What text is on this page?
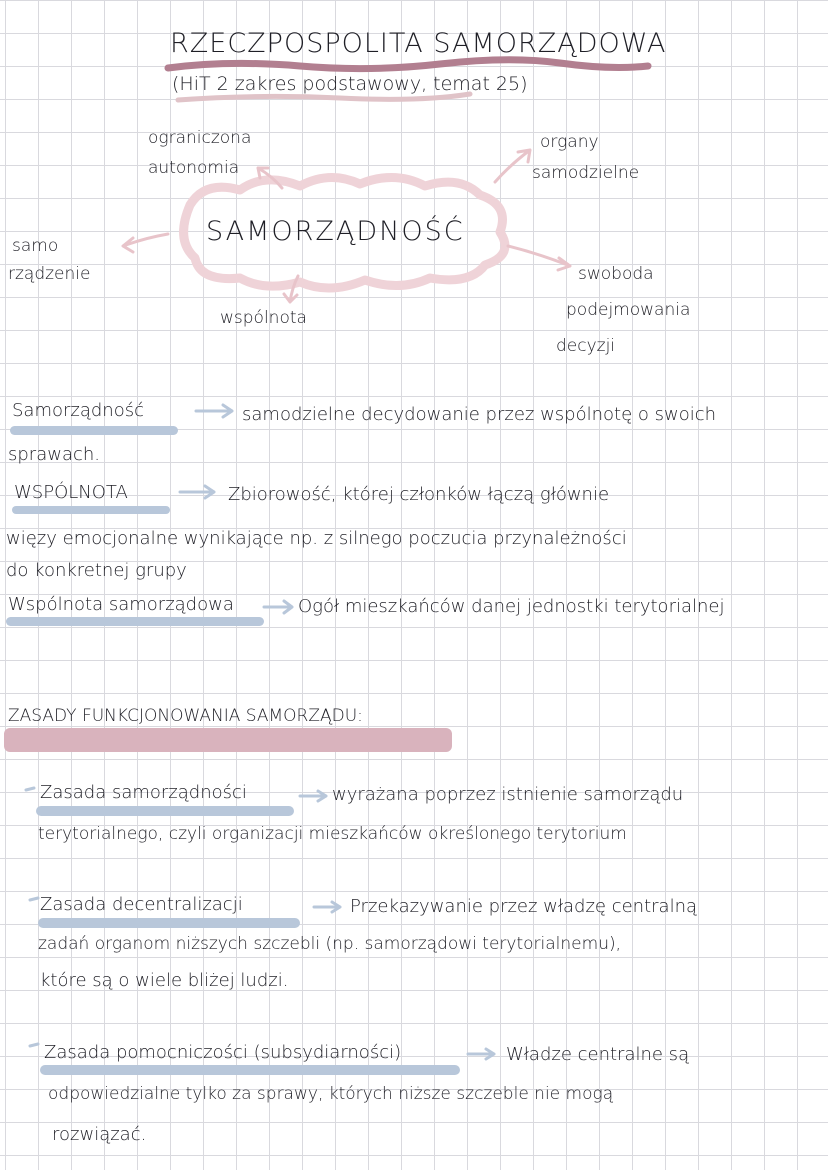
RZECZPOSPOLITA SAMORZĄDOWA
(HiT 2 zakres podstawowy, temat 25)
SAMORZĄDNOŚĆ
ograniczona
autonomia
organy
samodzielne
samo
rządzenie
wspólnota
swoboda
podejmowania
decyzji
Samorządność	samodzielne decydowanie przez wspólnotę o swoich
sprawach.
WSPÓLNOTA	Zbiorowość, której członków łączą głównie
więzy emocjonalne wynikające np. z silnego poczucia przynależności
do konkretnej grupy
Wspólnota samorządowa	Ogół mieszkańców danej jednostki terytorialnej
ZASADY FUNKCJONOWANIA SAMORZĄDU:
Zasada samorządności	wyrażana poprzez istnienie samorządu
terytorialnego, czyli organizacji mieszkańców określonego terytorium
Zasada decentralizacji	Przekazywanie przez władzę centralną
zadań organom niższych szczebli (np. samorządowi terytorialnemu),
które są o wiele bliżej ludzi.
Zasada pomocniczości (subsydiarności)	Władze centralne są
odpowiedzialne tylko za sprawy, których niższe szczeble nie mogą
rozwiązać.
